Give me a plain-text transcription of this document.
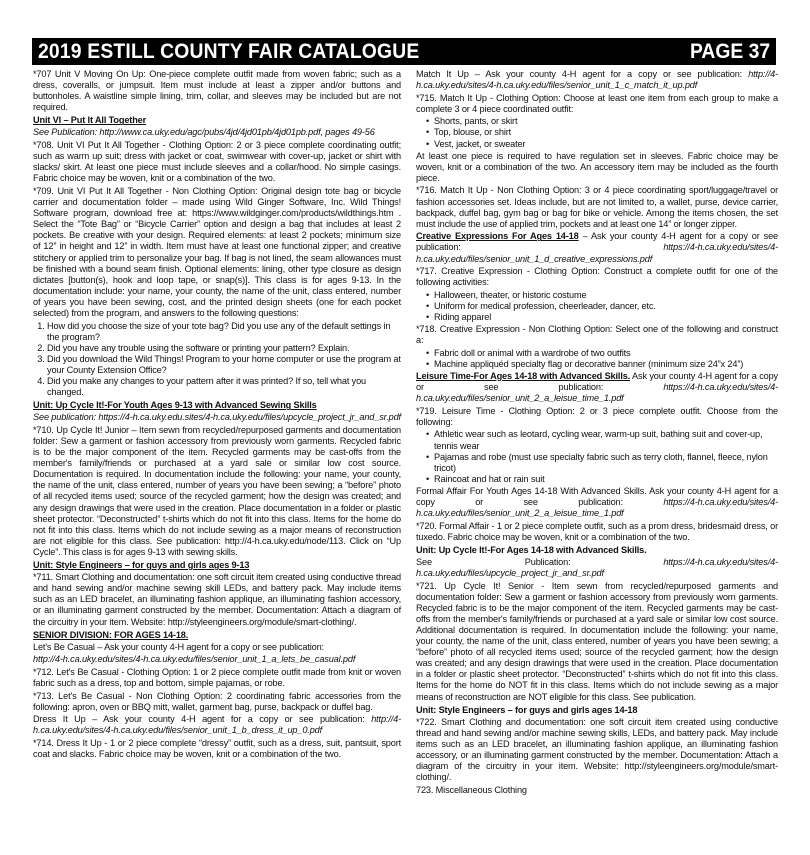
2019 ESTILL COUNTY FAIR CATALOGUE	PAGE 37

*707 Unit V Moving On Up: One-piece complete outfit made from woven fabric; such as a dress, coveralls, or jumpsuit. Item must include at least a zipper and/or buttons and buttonholes. A waistline simple lining, trim, collar, and sleeves may be included but are not required.

Unit VI – Put It All Together

See Publication: http://www.ca.uky.edu/agc/pubs/4jd/4jd01pb/4jd01pb.pdf, pages 49-56

*708. Unit VI Put It All Together - Clothing Option: 2 or 3 piece complete coordinating outfit; such as warm up suit; dress with jacket or coat, swimwear with cover-up, jacket or shirt with slacks/ skirt. At least one piece must include sleeves and a collar/hood. No simple casings. Fabric choice may be woven, knit or a combination of the two.

*709. Unit VI Put It All Together - Non Clothing Option: Original design tote bag or bicycle carrier and documentation folder – made using Wild Ginger Software, Inc. Wild Things! Software program, download free at: https://www.wildginger.com/products/wildthings.htm . Select the “Tote Bag” or “Bicycle Carrier” option and design a bag that includes at least 2 pockets. Be creative with your design. Required elements: at least 2 pockets; minimum size of 12” in height and 12” in width. Item must have at least one functional zipper; and creative stitchery or applied trim to personalize your bag. If bag is not lined, the seam allowances must be finished with a bound seam finish. Optional elements: lining, other type closure as design dictates [button(s), hook and loop tape, or snap(s)]. This class is for ages 9-13. In the documentation include: your name, your county, the name of the unit, class entered, number of years you have been sewing, cost, and the printed design sheets (one for each pocket selected) from the program, and answers to the following questions:

1. How did you choose the size of your tote bag? Did you use any of the default settings in the program?
2. Did you have any trouble using the software or printing your pattern? Explain.
3. Did you download the Wild Things! Program to your home computer or use the program at your County Extension Office?
4. Did you make any changes to your pattern after it was printed? If so, tell what you changed.

Unit: Up Cycle It!-For Youth Ages 9-13 with Advanced Sewing Skills

See publication: https://4-h.ca.uky.edu.sites/4-h.ca.uky.edu/files/upcycle_project_jr_and_sr.pdf

*710. Up Cycle It! Junior – Item sewn from recycled/repurposed garments and documentation folder: Sew a garment or fashion accessory from previously worn garments. Recycled fabric is to be the major component of the item. Recycled garments may be cast-offs from the member's family/friends or purchased at a yard sale or similar low cost source. Documentation is required. In documentation include the following: your name, your county, the name of the unit, class entered, number of years you have been sewing; a “before” photo of all recycled items used; source of the recycled garment; how the design was created; and any design drawings that were used in the creation. Place documentation in a folder or plastic sheet protector. “Deconstructed” t-shirts which do not fit into this class. Items for the home do not fit into this class. Items which do not include sewing as a major means of reconstruction are not eligible for this class. See publication: http://4-h.ca.uky.edu/node/113. Click on “Up Cycle”. This class is for ages 9-13 with sewing skills.

Unit: Style Engineers – for guys and girls ages 9-13

*711. Smart Clothing and documentation: one soft circuit item created using conductive thread and hand sewing and/or machine sewing skill LEDs, and battery pack. May include items such as an LED bracelet, an illuminating fashion applique, an illuminating fashion accessory, or an illuminating garment constructed by the member. Documentation: Attach a diagram of the circuitry in your item. Website: http://styleengineers.org/module/smart-clothing/.

SENIOR DIVISION: FOR AGES 14-18.

Let's Be Casual – Ask your county 4-H agent for a copy or see publication:

http://4-h.ca.uky.edu/sites/4-h.ca.uky.edu/files/senior_unit_1_a_lets_be_casual.pdf

*712. Let's Be Casual - Clothing Option: 1 or 2 piece complete outfit made from knit or woven fabric such as a dress, top and bottom, simple pajamas, or robe.

*713. Let's Be Casual - Non Clothing Option: 2 coordinating fabric accessories from the following: apron, oven or BBQ mitt, wallet, garment bag, purse, backpack or duffel bag.

Dress It Up – Ask your county 4-H agent for a copy or see publication: http://4-h.ca.uky.edu/sites/4-h.ca.uky.edu/files/senior_unit_1_b_dress_it_up_0.pdf

*714. Dress It Up - 1 or 2 piece complete “dressy” outfit, such as a dress, suit, pantsuit, sport coat and slacks. Fabric choice may be woven, knit or a combination of the two.

Match It Up – Ask your county 4-H agent for a copy or see publication: http://4-h.ca.uky.edu/sites/4-h.ca.uky.edu/files/senior_unit_1_c_match_it_up.pdf

*715. Match It Up - Clothing Option: Choose at least one item from each group to make a complete 3 or 4 piece coordinated outfit:

• Shorts, pants, or skirt
• Top, blouse, or shirt
• Vest, jacket, or sweater

At least one piece is required to have regulation set in sleeves. Fabric choice may be woven, knit or a combination of the two. An accessory item may be included as the fourth piece.

*716. Match It Up - Non Clothing Option: 3 or 4 piece coordinating sport/luggage/travel or fashion accessories set. Ideas include, but are not limited to, a wallet, purse, device carrier, backpack, duffel bag, gym bag or bag for bike or vehicle. Among the items chosen, the set must include the use of applied trim, pockets and at least one 14” or longer zipper.

Creative Expressions For Ages 14-18 – Ask your county 4-H agent for a copy or see publication: https://4-h.ca.uky.edu/sites/4-h.ca.uky.edu/files/senior_unit_1_d_creative_expressions.pdf

*717. Creative Expression - Clothing Option: Construct a complete outfit for one of the following activities:

• Halloween, theater, or historic costume
• Uniform for medical profession, cheerleader, dancer, etc.
• Riding apparel

*718. Creative Expression - Non Clothing Option: Select one of the following and construct a:

• Fabric doll or animal with a wardrobe of two outfits
• Machine appliquéd specialty flag or decorative banner (minimum size 24”x 24”)

Leisure Time-For Ages 14-18 with Advanced Skills. Ask your county 4-H agent for a copy or see publication: https://4-h.ca.uky.edu/sites/4-h.ca.uky.edu/files/senior_unit_2_a_leisue_time_1.pdf

*719. Leisure Time - Clothing Option: 2 or 3 piece complete outfit. Choose from the following:

• Athletic wear such as leotard, cycling wear, warm-up suit, bathing suit and cover-up, tennis wear
• Pajamas and robe (must use specialty fabric such as terry cloth, flannel, fleece, nylon tricot)
• Raincoat and hat or rain suit

Formal Affair For Youth Ages 14-18 With Advanced Skills. Ask your county 4-H agent for a copy or see publication: https://4-h.ca.uky.edu/sites/4-h.ca.uky.edu/files/senior_unit_2_a_leisue_time_1.pdf

*720. Formal Affair - 1 or 2 piece complete outfit, such as a prom dress, bridesmaid dress, or tuxedo. Fabric choice may be woven, knit or a combination of the two.

Unit: Up Cycle It!-For Ages 14-18 with Advanced Skills.

See Publication: https://4-h.ca.uky.edu/sites/4-h.ca.uky.edu/files/upcycle_project_jr_and_sr.pdf

*721. Up Cycle It! Senior - Item sewn from recycled/repurposed garments and documentation folder: Sew a garment or fashion accessory from previously worn garments. Recycled fabric is to be the major component of the item. Recycled garments may be cast-offs from the member's family/friends or purchased at a yard sale or similar low cost source. Additional documentation is required. In documentation include the following: your name, your county, the name of the unit, class entered, number of years you have been sewing; a “before” photo of all recycled items used; source of the recycled garment; how the design was created; and any design drawings that were used in the creation. Place documentation in a folder or plastic sheet protector. “Deconstructed” t-shirts which do not fit into this class. Items for the home do NOT fit in this class. Items which do not include sewing as a major means of reconstruction are NOT eligible for this class. See publication.

Unit: Style Engineers – for guys and girls ages 14-18

*722. Smart Clothing and documentation: one soft circuit item created using conductive thread and hand sewing and/or machine sewing skills, LEDs, and battery pack. May include items such as an LED bracelet, an illuminating fashion applique, an illuminating fashion accessory, or an illuminating garment constructed by the member. Documentation: Attach a diagram of the circuitry in your item. Website: http://styleengineers.org/module/smart-clothing/.

723. Miscellaneous Clothing
